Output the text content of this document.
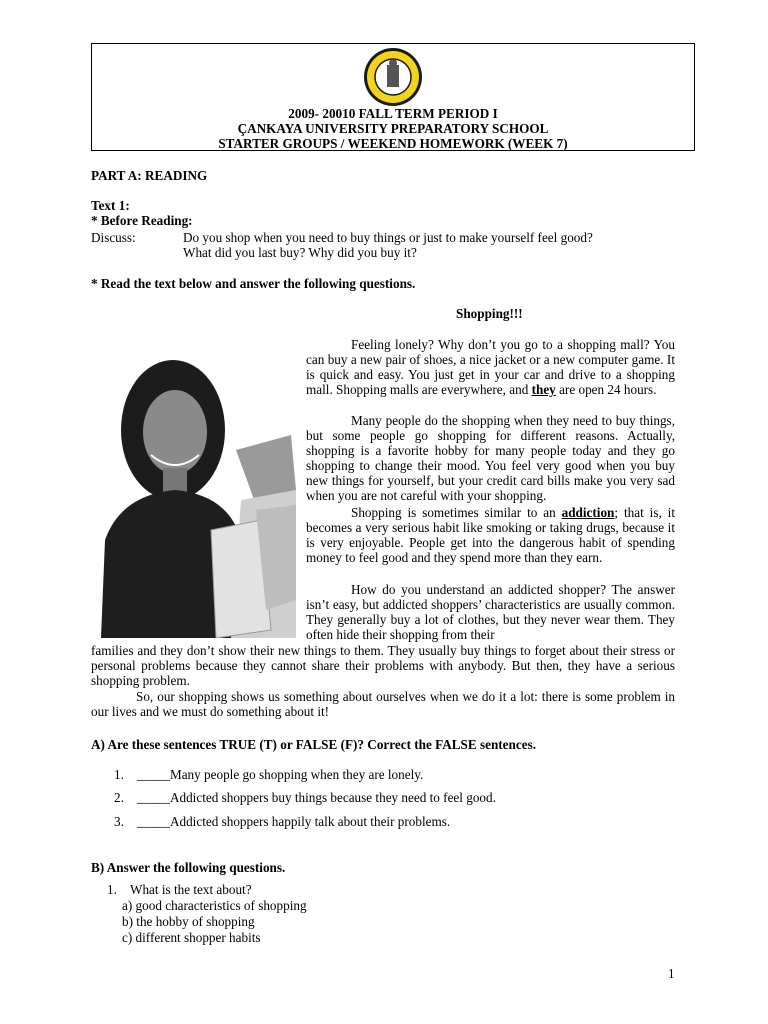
2009- 20010 FALL TERM PERIOD I
ÇANKAYA UNIVERSITY PREPARATORY SCHOOL
STARTER GROUPS / WEEKEND HOMEWORK (WEEK 7)
PART A: READING
Text 1:
* Before Reading:
Discuss:	Do you shop when you need to buy things or just to make yourself feel good?
What did you last buy? Why did you buy it?
* Read the text below and answer the following questions.
Shopping!!!
Feeling lonely? Why don’t you go to a shopping mall? You can buy a new pair of shoes, a nice jacket or a new computer game. It is quick and easy. You just get in your car and drive to a shopping mall. Shopping malls are everywhere, and they are open 24 hours.
Many people do the shopping when they need to buy things, but some people go shopping for different reasons. Actually, shopping is a favorite hobby for many people today and they go shopping to change their mood. You feel very good when you buy new things for yourself, but your credit card bills make you very sad when you are not careful with your shopping.
Shopping is sometimes similar to an addiction; that is, it becomes a very serious habit like smoking or taking drugs, because it is very enjoyable. People get into the dangerous habit of spending money to feel good and they spend more than they earn.
How do you understand an addicted shopper? The answer isn’t easy, but addicted shoppers’ characteristics are usually common. They generally buy a lot of clothes, but they never wear them. They often hide their shopping from their
families and they don’t show their new things to them. They usually buy things to forget about their stress or personal problems because they cannot share their problems with anybody. But then, they have a serious shopping problem.
So, our shopping shows us something about ourselves when we do it a lot: there is some problem in our lives and we must do something about it!
A) Are these sentences TRUE (T) or FALSE (F)? Correct the FALSE sentences.
1. _____Many people go shopping when they are lonely.
2. _____Addicted shoppers buy things because they need to feel good.
3. _____Addicted shoppers happily talk about their problems.
B) Answer the following questions.
1. What is the text about?
a) good characteristics of shopping
b) the hobby of shopping
c) different shopper habits
1
